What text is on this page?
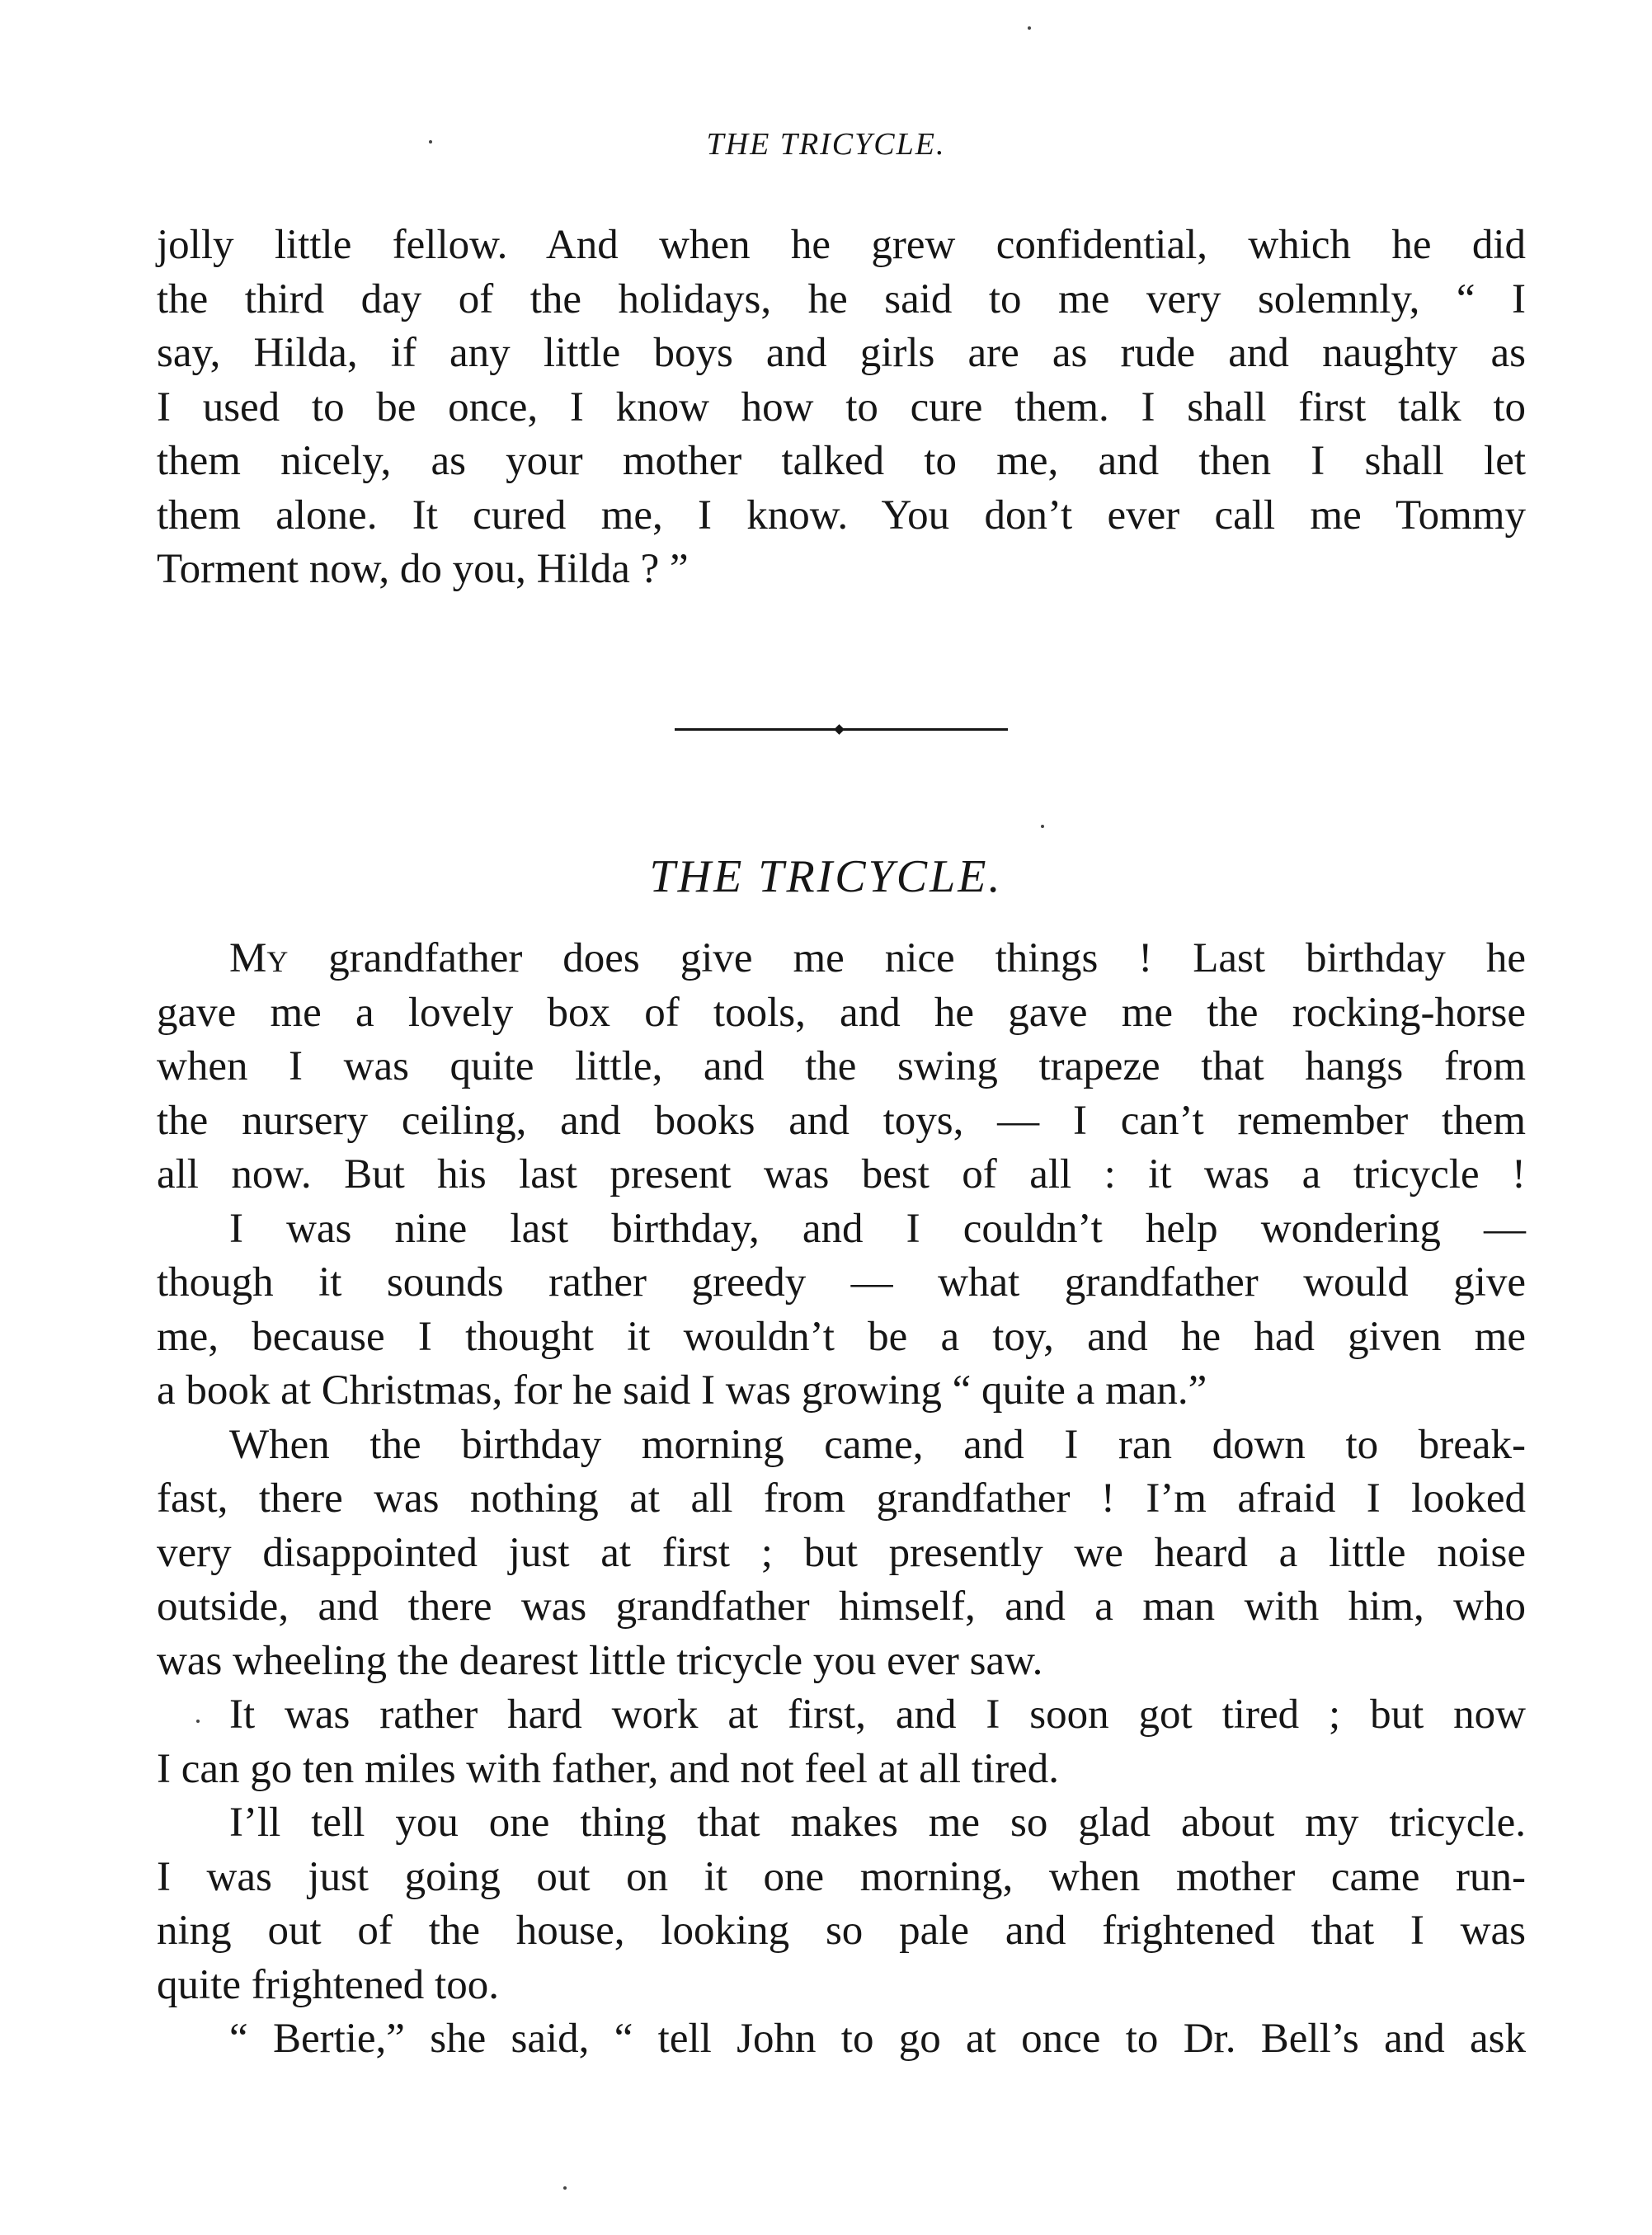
THE TRICYCLE.
jolly little fellow. And when he grew confidential, which he did
the third day of the holidays, he said to me very solemnly, “ I
say, Hilda, if any little boys and girls are as rude and naughty as
I used to be once, I know how to cure them. I shall first talk to
them nicely, as your mother talked to me, and then I shall let
them alone. It cured me, I know. You don’t ever call me Tommy
Torment now, do you, Hilda ? ”
THE TRICYCLE.
My grandfather does give me nice things ! Last birthday he
gave me a lovely box of tools, and he gave me the rocking-horse
when I was quite little, and the swing trapeze that hangs from
the nursery ceiling, and books and toys, — I can’t remember them
all now. But his last present was best of all : it was a tricycle !
I was nine last birthday, and I couldn’t help wondering —
though it sounds rather greedy — what grandfather would give
me, because I thought it wouldn’t be a toy, and he had given me
a book at Christmas, for he said I was growing “ quite a man.”
When the birthday morning came, and I ran down to break-
fast, there was nothing at all from grandfather ! I’m afraid I looked
very disappointed just at first ; but presently we heard a little noise
outside, and there was grandfather himself, and a man with him, who
was wheeling the dearest little tricycle you ever saw.
It was rather hard work at first, and I soon got tired ; but now
I can go ten miles with father, and not feel at all tired.
I’ll tell you one thing that makes me so glad about my tricycle.
I was just going out on it one morning, when mother came run-
ning out of the house, looking so pale and frightened that I was
quite frightened too.
“ Bertie,” she said, “ tell John to go at once to Dr. Bell’s and ask
